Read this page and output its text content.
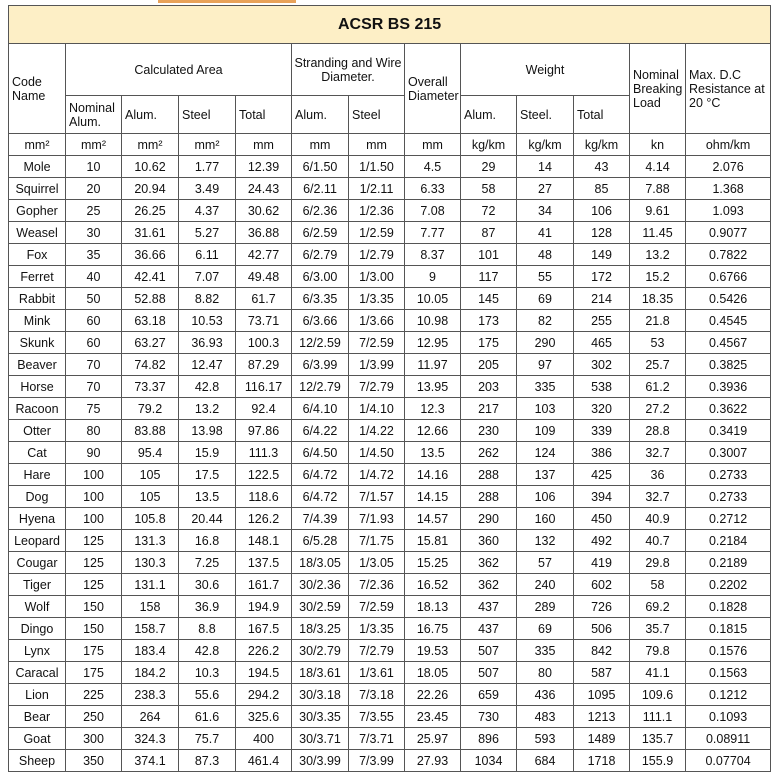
ACSR BS 215												
Code Name	Calculated Area				Stranding and Wire Diameter.		Overall Diameter	Weight			Nominal Breaking Load	Max. D.C Resistance at 20 °C
	Nominal Alum.	Alum.	Steel	Total	Alum.	Steel		Alum.	Steel.	Total		
mm²	mm²	mm²	mm²	mm	mm	mm	mm	kg/km	kg/km	kg/km	kn	ohm/km
Mole	10	10.62	1.77	12.39	6/1.50	1/1.50	4.5	29	14	43	4.14	2.076
Squirrel	20	20.94	3.49	24.43	6/2.11	1/2.11	6.33	58	27	85	7.88	1.368
Gopher	25	26.25	4.37	30.62	6/2.36	1/2.36	7.08	72	34	106	9.61	1.093
Weasel	30	31.61	5.27	36.88	6/2.59	1/2.59	7.77	87	41	128	11.45	0.9077
Fox	35	36.66	6.11	42.77	6/2.79	1/2.79	8.37	101	48	149	13.2	0.7822
Ferret	40	42.41	7.07	49.48	6/3.00	1/3.00	9	117	55	172	15.2	0.6766
Rabbit	50	52.88	8.82	61.7	6/3.35	1/3.35	10.05	145	69	214	18.35	0.5426
Mink	60	63.18	10.53	73.71	6/3.66	1/3.66	10.98	173	82	255	21.8	0.4545
Skunk	60	63.27	36.93	100.3	12/2.59	7/2.59	12.95	175	290	465	53	0.4567
Beaver	70	74.82	12.47	87.29	6/3.99	1/3.99	11.97	205	97	302	25.7	0.3825
Horse	70	73.37	42.8	116.17	12/2.79	7/2.79	13.95	203	335	538	61.2	0.3936
Racoon	75	79.2	13.2	92.4	6/4.10	1/4.10	12.3	217	103	320	27.2	0.3622
Otter	80	83.88	13.98	97.86	6/4.22	1/4.22	12.66	230	109	339	28.8	0.3419
Cat	90	95.4	15.9	111.3	6/4.50	1/4.50	13.5	262	124	386	32.7	0.3007
Hare	100	105	17.5	122.5	6/4.72	1/4.72	14.16	288	137	425	36	0.2733
Dog	100	105	13.5	118.6	6/4.72	7/1.57	14.15	288	106	394	32.7	0.2733
Hyena	100	105.8	20.44	126.2	7/4.39	7/1.93	14.57	290	160	450	40.9	0.2712
Leopard	125	131.3	16.8	148.1	6/5.28	7/1.75	15.81	360	132	492	40.7	0.2184
Cougar	125	130.3	7.25	137.5	18/3.05	1/3.05	15.25	362	57	419	29.8	0.2189
Tiger	125	131.1	30.6	161.7	30/2.36	7/2.36	16.52	362	240	602	58	0.2202
Wolf	150	158	36.9	194.9	30/2.59	7/2.59	18.13	437	289	726	69.2	0.1828
Dingo	150	158.7	8.8	167.5	18/3.25	1/3.35	16.75	437	69	506	35.7	0.1815
Lynx	175	183.4	42.8	226.2	30/2.79	7/2.79	19.53	507	335	842	79.8	0.1576
Caracal	175	184.2	10.3	194.5	18/3.61	1/3.61	18.05	507	80	587	41.1	0.1563
Lion	225	238.3	55.6	294.2	30/3.18	7/3.18	22.26	659	436	1095	109.6	0.1212
Bear	250	264	61.6	325.6	30/3.35	7/3.55	23.45	730	483	1213	111.1	0.1093
Goat	300	324.3	75.7	400	30/3.71	7/3.71	25.97	896	593	1489	135.7	0.08911
Sheep	350	374.1	87.3	461.4	30/3.99	7/3.99	27.93	1034	684	1718	155.9	0.07704
